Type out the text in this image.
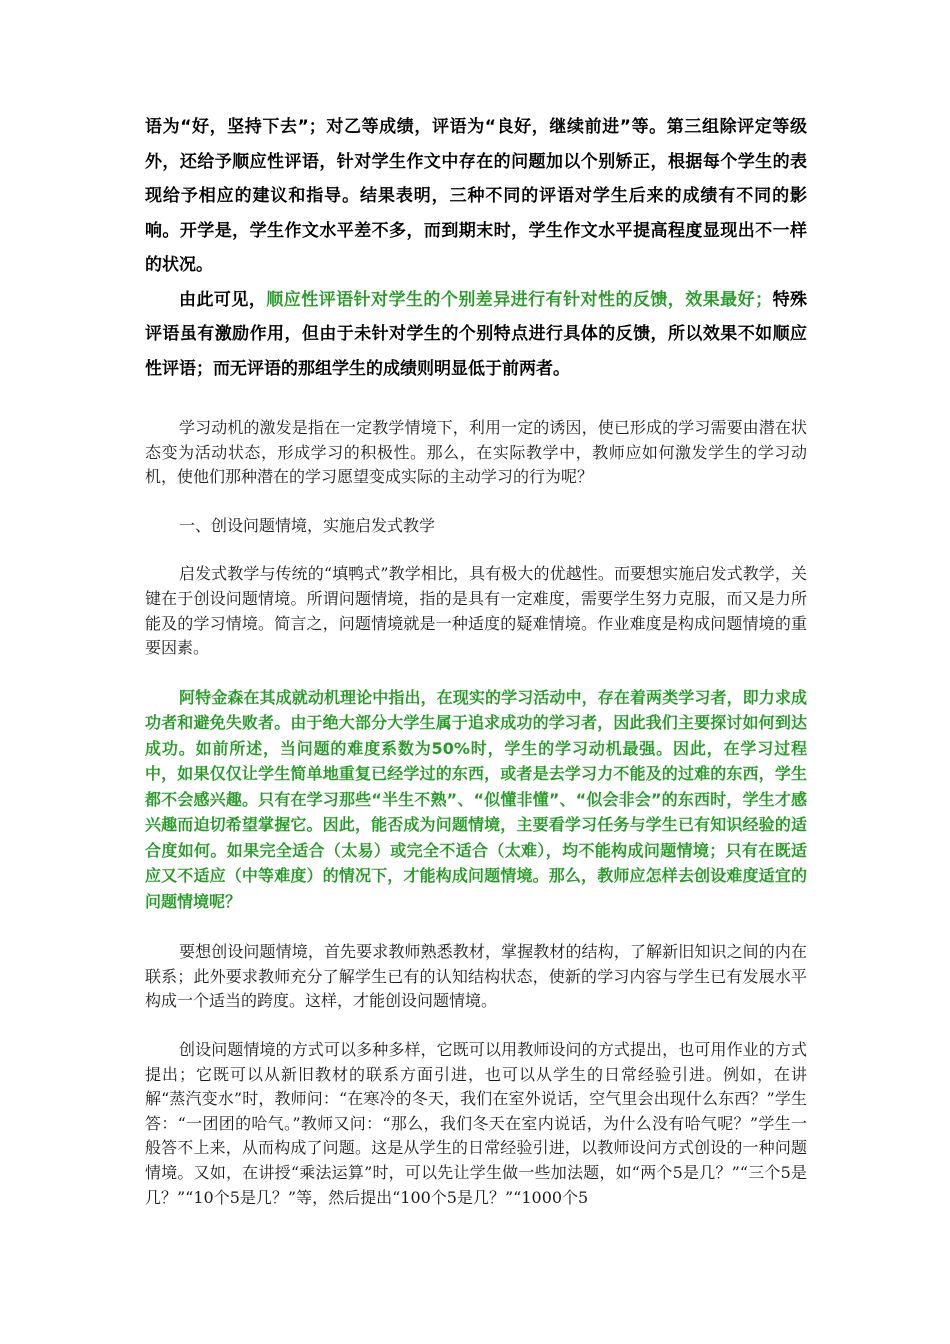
语为“好，坚持下去”；对乙等成绩，评语为“良好，继续前进”等。第三组除评定等级外，还给予顺应性评语，针对学生作文中存在的问题加以个别矫正，根据每个学生的表现给予相应的建议和指导。结果表明，三种不同的评语对学生后来的成绩有不同的影响。开学是，学生作文水平差不多，而到期末时，学生作文水平提高程度显现出不一样的状况。

由此可见，顺应性评语针对学生的个别差异进行有针对性的反馈，效果最好；特殊评语虽有激励作用，但由于未针对学生的个别特点进行具体的反馈，所以效果不如顺应性评语；而无评语的那组学生的成绩则明显低于前两者。

学习动机的激发是指在一定教学情境下，利用一定的诱因，使已形成的学习需要由潜在状态变为活动状态，形成学习的积极性。那么，在实际教学中，教师应如何激发学生的学习动机，使他们那种潜在的学习愿望变成实际的主动学习的行为呢？

一、创设问题情境，实施启发式教学

启发式教学与传统的“填鸭式”教学相比，具有极大的优越性。而要想实施启发式教学，关键在于创设问题情境。所谓问题情境，指的是具有一定难度，需要学生努力克服，而又是力所能及的学习情境。简言之，问题情境就是一种适度的疑难情境。作业难度是构成问题情境的重要因素。

阿特金森在其成就动机理论中指出，在现实的学习活动中，存在着两类学习者，即力求成功者和避免失败者。由于绝大部分大学生属于追求成功的学习者，因此我们主要探讨如何到达成功。如前所述，当问题的难度系数为50%时，学生的学习动机最强。因此，在学习过程中，如果仅仅让学生简单地重复已经学过的东西，或者是去学习力不能及的过难的东西，学生都不会感兴趣。只有在学习那些“半生不熟”、“似懂非懂”、“似会非会”的东西时，学生才感兴趣而迫切希望掌握它。因此，能否成为问题情境，主要看学习任务与学生已有知识经验的适合度如何。如果完全适合（太易）或完全不适合（太难），均不能构成问题情境；只有在既适应又不适应（中等难度）的情况下，才能构成问题情境。那么，教师应怎样去创设难度适宜的问题情境呢？

要想创设问题情境，首先要求教师熟悉教材，掌握教材的结构，了解新旧知识之间的内在联系；此外要求教师充分了解学生已有的认知结构状态，使新的学习内容与学生已有发展水平构成一个适当的跨度。这样，才能创设问题情境。

创设问题情境的方式可以多种多样，它既可以用教师设问的方式提出，也可用作业的方式提出；它既可以从新旧教材的联系方面引进，也可以从学生的日常经验引进。例如，在讲解“蒸汽变水”时，教师问：“在寒冷的冬天，我们在室外说话，空气里会出现什么东西？”学生答：“一团团的哈气。”教师又问：“那么，我们冬天在室内说话，为什么没有哈气呢？”学生一般答不上来，从而构成了问题。这是从学生的日常经验引进，以教师设问方式创设的一种问题情境。又如，在讲授“乘法运算”时，可以先让学生做一些加法题，如“两个5是几？”“三个5是几？”“10个5是几？”等，然后提出“100个5是几？”“1000个5
